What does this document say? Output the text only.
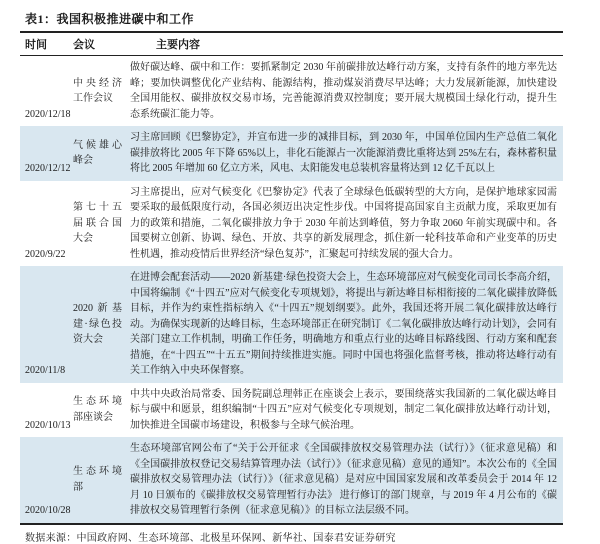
表1：我国积极推进碳中和工作
时间	会议	主要内容
2020/12/18
中央经济工作会议
做好碳达峰、碳中和工作：要抓紧制定 2030 年前碳排放达峰行动方案，支持有条件的地方率先达峰；要加快调整优化产业结构、能源结构，推动煤炭消费尽早达峰；大力发展新能源，加快建设全国用能权、碳排放权交易市场，完善能源消费双控制度；要开展大规模国土绿化行动，提升生态系统碳汇能力等。
2020/12/12
气候雄心峰会
习主席回顾《巴黎协定》，并宣布进一步的减排目标，到 2030 年，中国单位国内生产总值二氧化碳排放将比 2005 年下降 65%以上，非化石能源占一次能源消费比重将达到 25%左右，森林蓄积量将比 2005 年增加 60 亿立方米，风电、太阳能发电总装机容量将达到 12 亿千瓦以上
2020/9/22
第七十五届联合国大会
习主席提出，应对气候变化《巴黎协定》代表了全球绿色低碳转型的大方向，是保护地球家园需要采取的最低限度行动，各国必须迈出决定性步伐。中国将提高国家自主贡献力度，采取更加有力的政策和措施，二氧化碳排放力争于 2030 年前达到峰值，努力争取 2060 年前实现碳中和。各国要树立创新、协调、绿色、开放、共享的新发展理念，抓住新一轮科技革命和产业变革的历史性机遇，推动疫情后世界经济“绿色复苏”，汇聚起可持续发展的强大合力。
2020/11/8
2020新基建·绿色投资大会
在进博会配套活动——2020 新基建·绿色投资大会上，生态环境部应对气候变化司司长李高介绍，中国将编制《“十四五”应对气候变化专项规划》，将提出与新达峰目标相衔接的二氧化碳排放降低目标，并作为约束性指标纳入《“十四五”规划纲要》。此外，我国还将开展二氧化碳排放达峰行动。为确保实现新的达峰目标，生态环境部正在研究制订《二氧化碳排放达峰行动计划》，会同有关部门建立工作机制，明确工作任务，明确地方和重点行业的达峰目标路线图、行动方案和配套措施，在“十四五”“十五五”期间持续推进实施。同时中国也将强化监督考核，推动将达峰行动有关工作纳入中央环保督察。
2020/10/13
生态环境部座谈会
中共中央政治局常委、国务院副总理韩正在座谈会上表示，要围绕落实我国新的二氧化碳达峰目标与碳中和愿景，组织编制“十四五”应对气候变化专项规划，制定二氧化碳排放达峰行动计划，加快推进全国碳市场建设，积极参与全球气候治理。
2020/10/28
生态环境部
生态环境部官网公布了“关于公开征求《全国碳排放权交易管理办法（试行）》（征求意见稿）和《全国碳排放权登记交易结算管理办法（试行）》（征求意见稿）意见的通知”。本次公布的《全国碳排放权交易管理办法（试行）》（征求意见稿）是对应中国国家发展和改革委员会于 2014 年 12 月 10 日颁布的《碳排放权交易管理暂行办法》 进行修订的部门规章，与 2019 年 4 月公布的《碳排放权交易管理暂行条例（征求意见稿）》的目标立法层级不同。
数据来源：中国政府网、生态环境部、北极星环保网、新华社、国泰君安证券研究
